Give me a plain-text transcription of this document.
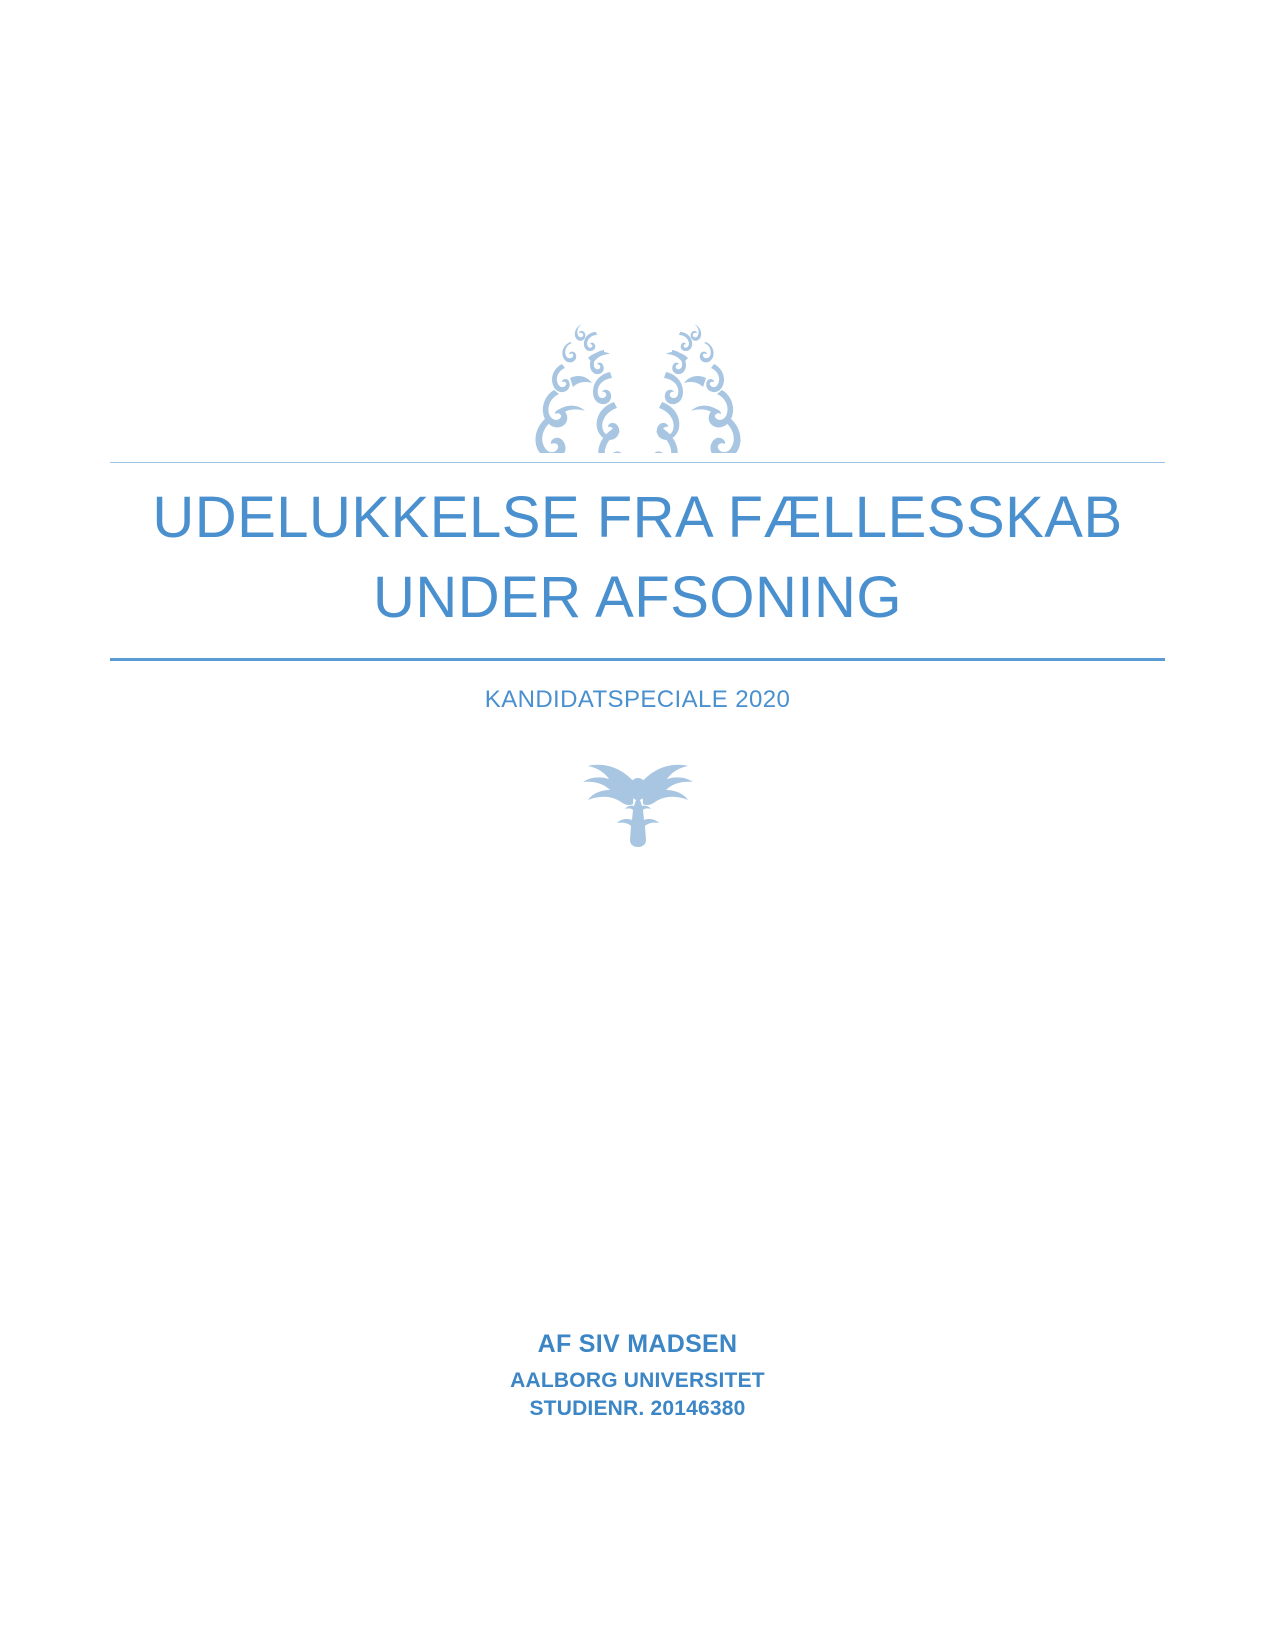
UDELUKKELSE FRA FÆLLESSKAB
UNDER AFSONING
KANDIDATSPECIALE 2020
AF SIV MADSEN
AALBORG UNIVERSITET
STUDIENR. 20146380
